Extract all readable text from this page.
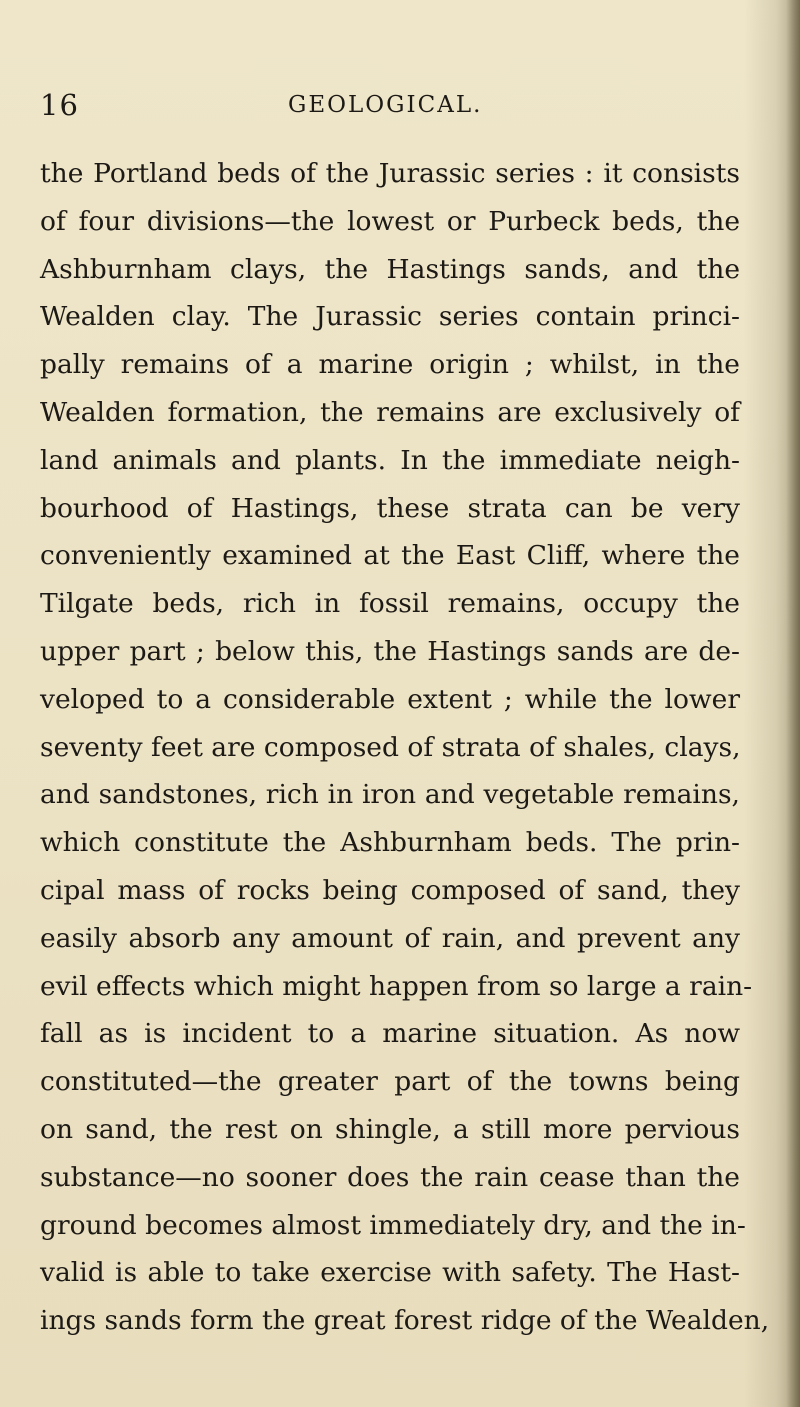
16	GEOLOGICAL.
the Portland beds of the Jurassic series : it consists
of four divisions—the lowest or Purbeck beds, the
Ashburnham clays, the Hastings sands, and the
Wealden clay. The Jurassic series contain princi-
pally remains of a marine origin ; whilst, in the
Wealden formation, the remains are exclusively of
land animals and plants. In the immediate neigh-
bourhood of Hastings, these strata can be very
conveniently examined at the East Cliff, where the
Tilgate beds, rich in fossil remains, occupy the
upper part ; below this, the Hastings sands are de-
veloped to a considerable extent ; while the lower
seventy feet are composed of strata of shales, clays,
and sandstones, rich in iron and vegetable remains,
which constitute the Ashburnham beds. The prin-
cipal mass of rocks being composed of sand, they
easily absorb any amount of rain, and prevent any
evil effects which might happen from so large a rain-
fall as is incident to a marine situation. As now
constituted—the greater part of the towns being
on sand, the rest on shingle, a still more pervious
substance—no sooner does the rain cease than the
ground becomes almost immediately dry, and the in-
valid is able to take exercise with safety. The Hast-
ings sands form the great forest ridge of the Wealden,
